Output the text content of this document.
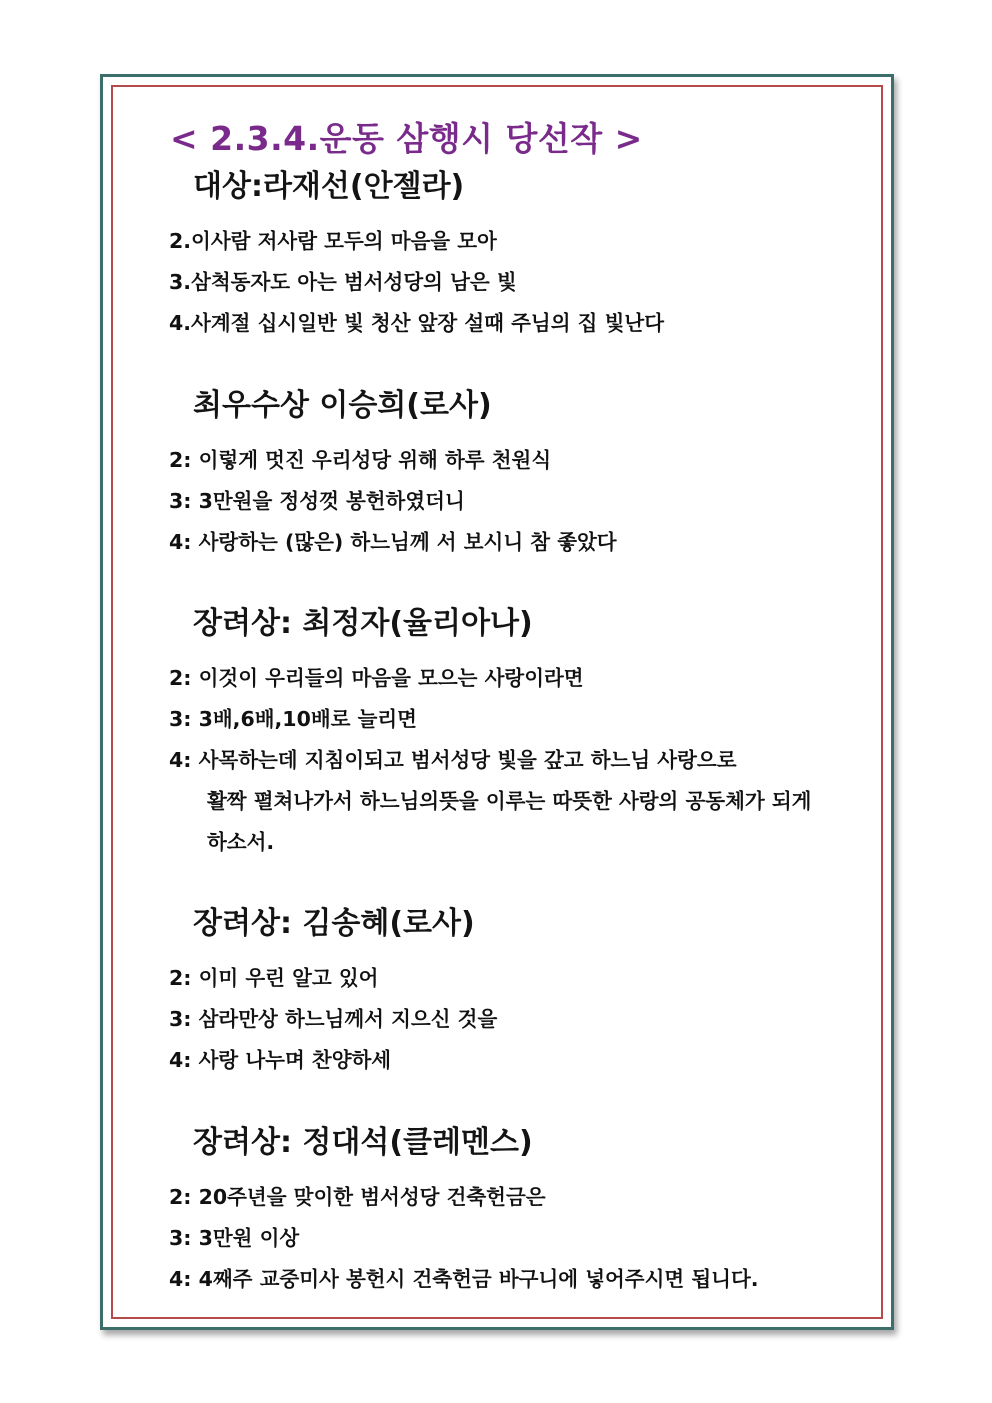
< 2.3.4.운동 삼행시 당선작 >
대상:라재선(안젤라)
2.이사람 저사람 모두의 마음을 모아
3.삼척동자도 아는 범서성당의 남은 빛
4.사계절 십시일반 빛 청산 앞장 설때 주님의 집 빛난다
최우수상 이승희(로사)
2: 이렇게 멋진 우리성당 위해 하루 천원식
3: 3만원을 정성껏 봉헌하였더니
4: 사랑하는 (많은) 하느님께 서 보시니 참 좋았다
장려상: 최정자(율리아나)
2: 이것이 우리들의 마음을 모으는 사랑이라면
3: 3배,6배,10배로 늘리면
4: 사목하는데 지침이되고 범서성당 빛을 갚고 하느님 사랑으로
활짝 펼쳐나가서 하느님의뜻을 이루는 따뜻한 사랑의 공동체가 되게
하소서.
장려상: 김송혜(로사)
2: 이미 우린 알고 있어
3: 삼라만상 하느님께서 지으신 것을
4: 사랑 나누며 찬양하세
장려상: 정대석(클레멘스)
2: 20주년을 맞이한 범서성당 건축헌금은
3: 3만원 이상
4: 4째주 교중미사 봉헌시 건축헌금 바구니에 넣어주시면 됩니다.
